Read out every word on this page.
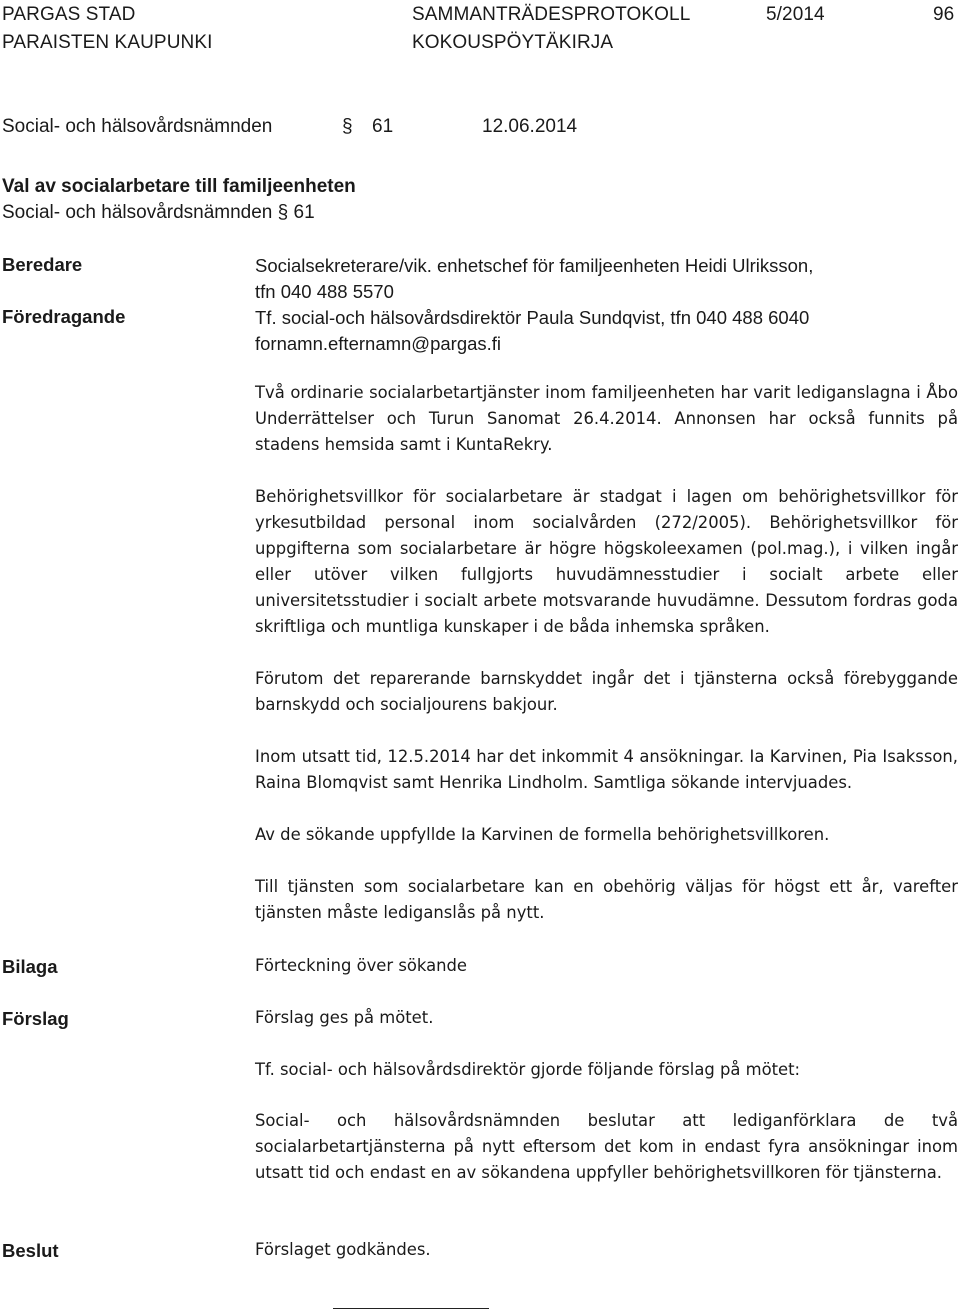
PARGAS STAD
PARAISTEN KAUPUNKI
SAMMANTRÄDESPROTOKOLL
KOKOUSPÖYTÄKIRJA
5/2014	96
Social- och hälsovårdsnämnden	§ 61	12.06.2014
Val av socialarbetare till familjeenheten
Social- och hälsovårdsnämnden § 61
Beredare	Socialsekreterare/vik. enhetschef för familjeenheten Heidi Ulriksson,
tfn 040 488 5570
Föredragande	Tf. social-och hälsovårdsdirektör Paula Sundqvist, tfn 040 488 6040
fornamn.efternamn@pargas.fi

Två ordinarie socialarbetartjänster inom familjeenheten har varit lediganslagna i Åbo Underrättelser och Turun Sanomat 26.4.2014. Annonsen har också funnits på stadens hemsida samt i KuntaRekry.

Behörighetsvillkor för socialarbetare är stadgat i lagen om behörighetsvillkor för yrkesutbildad personal inom socialvården (272/2005). Behörighetsvillkor för uppgifterna som socialarbetare är högre högskoleexamen (pol.mag.), i vilken ingår eller utöver vilken fullgjorts huvudämnesstudier i socialt arbete eller universitetsstudier i socialt arbete motsvarande huvudämne. Dessutom fordras goda skriftliga och muntliga kunskaper i de båda inhemska språken.

Förutom det reparerande barnskyddet ingår det i tjänsterna också förebyggande barnskydd och socialjourens bakjour.

Inom utsatt tid, 12.5.2014 har det inkommit 4 ansökningar. Ia Karvinen, Pia Isaksson, Raina Blomqvist samt Henrika Lindholm. Samtliga sökande intervjuades.

Av de sökande uppfyllde Ia Karvinen de formella behörighetsvillkoren.

Till tjänsten som socialarbetare kan en obehörig väljas för högst ett år, varefter tjänsten måste lediganslås på nytt.

Bilaga	Förteckning över sökande
Förslag	Förslag ges på mötet.
Tf. social- och hälsovårdsdirektör gjorde följande förslag på mötet:

Social- och hälsovårdsnämnden beslutar att lediganförklara de två socialarbetartjänsterna på nytt eftersom det kom in endast fyra ansökningar inom utsatt tid och endast en av sökandena uppfyller behörighetsvillkoren för tjänsterna.

Beslut	Förslaget godkändes.
